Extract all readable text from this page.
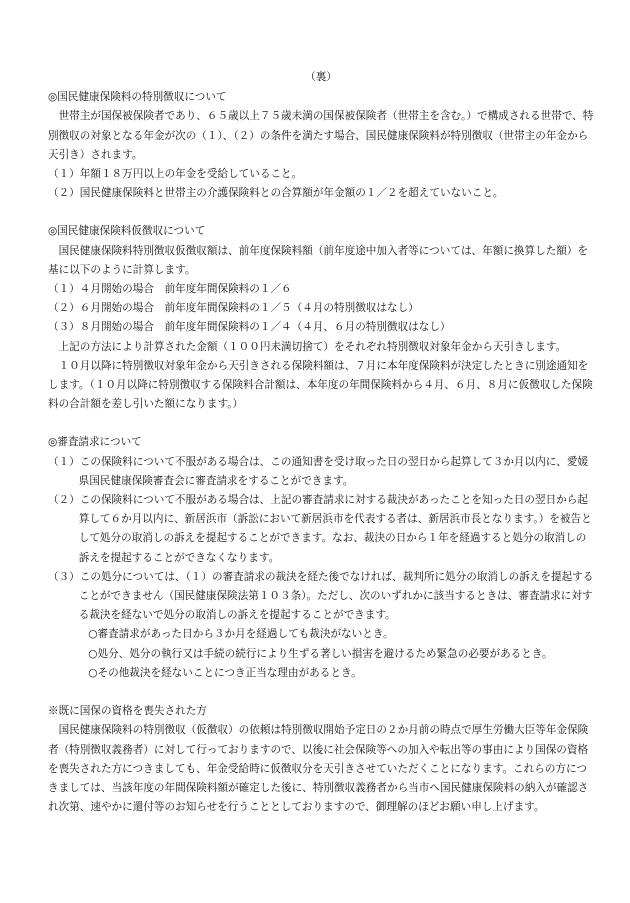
（裏）

◎国民健康保険料の特別徴収について

世帯主が国保被保険者であり、６５歳以上７５歳未満の国保被保険者（世帯主を含む。）で構成される世帯で、特別徴収の対象となる年金が次の（１）、（２）の条件を満たす場合、国民健康保険料が特別徴収（世帯主の年金から天引き）されます。

（１）年額１８万円以上の年金を受給していること。

（２）国民健康保険料と世帯主の介護保険料との合算額が年金額の１／２を超えていないこと。

◎国民健康保険料仮徴収について

国民健康保険料特別徴収仮徴収額は、前年度保険料額（前年度途中加入者等については、年額に換算した額）を基に以下のように計算します。

（１）４月開始の場合　前年度年間保険料の１／６

（２）６月開始の場合　前年度年間保険料の１／５（４月の特別徴収はなし）

（３）８月開始の場合　前年度年間保険料の１／４（４月、６月の特別徴収はなし）

上記の方法により計算された金額（１００円未満切捨て）をそれぞれ特別徴収対象年金から天引きします。

１０月以降に特別徴収対象年金から天引きされる保険料額は、７月に本年度保険料が決定したときに別途通知をします。（１０月以降に特別徴収する保険料合計額は、本年度の年間保険料から４月、６月、８月に仮徴収した保険料の合計額を差し引いた額になります。）

◎審査請求について

（１）この保険料について不服がある場合は、この通知書を受け取った日の翌日から起算して３か月以内に、愛媛県国民健康保険審査会に審査請求をすることができます。

（２）この保険料について不服がある場合は、上記の審査請求に対する裁決があったことを知った日の翌日から起算して６か月以内に、新居浜市（訴訟において新居浜市を代表する者は、新居浜市長となります。）を被告として処分の取消しの訴えを提起することができます。なお、裁決の日から１年を経過すると処分の取消しの訴えを提起することができなくなります。

（３）この処分については、（１）の審査請求の裁決を経た後でなければ、裁判所に処分の取消しの訴えを提起することができません（国民健康保険法第１０３条）。ただし、次のいずれかに該当するときは、審査請求に対する裁決を経ないで処分の取消しの訴えを提起することができます。

○審査請求があった日から３か月を経過しても裁決がないとき。

○処分、処分の執行又は手続の続行により生ずる著しい損害を避けるため緊急の必要があるとき。

○その他裁決を経ないことにつき正当な理由があるとき。

※既に国保の資格を喪失された方

国民健康保険料の特別徴収（仮徴収）の依頼は特別徴収開始予定日の２か月前の時点で厚生労働大臣等年金保険者（特別徴収義務者）に対して行っておりますので、以後に社会保険等への加入や転出等の事由により国保の資格を喪失された方につきましても、年金受給時に仮徴収分を天引きさせていただくことになります。これらの方につきましては、当該年度の年間保険料額が確定した後に、特別徴収義務者から当市へ国民健康保険料の納入が確認され次第、速やかに還付等のお知らせを行うこととしておりますので、御理解のほどお願い申し上げます。
